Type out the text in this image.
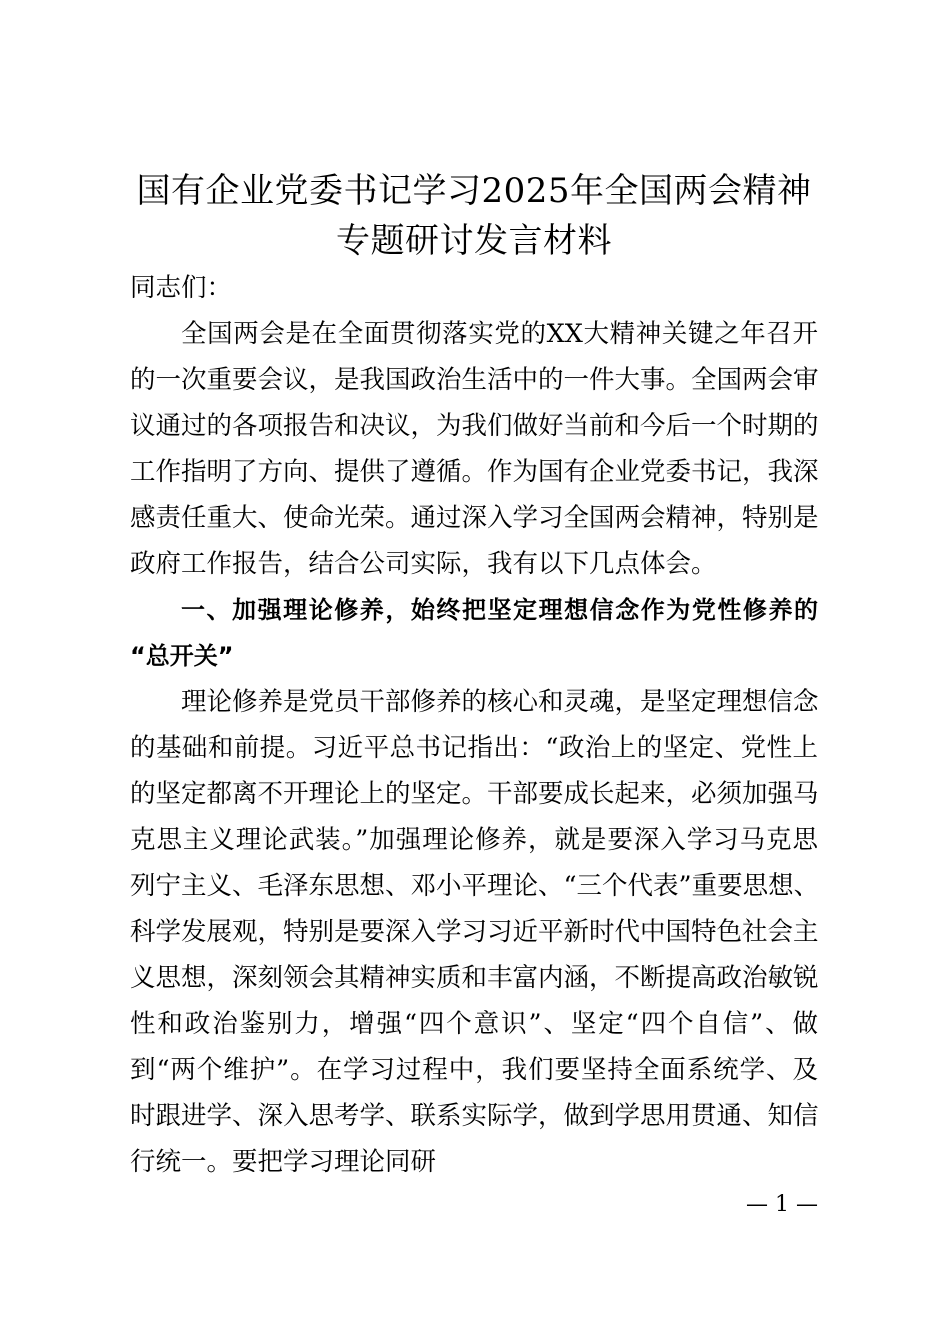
国有企业党委书记学习2025年全国两会精神
专题研讨发言材料
同志们：
全国两会是在全面贯彻落实党的XX大精神关键之年召开
的一次重要会议，是我国政治生活中的一件大事。全国两会审
议通过的各项报告和决议，为我们做好当前和今后一个时期的
工作指明了方向、提供了遵循。作为国有企业党委书记，我深
感责任重大、使命光荣。通过深入学习全国两会精神，特别是
政府工作报告，结合公司实际，我有以下几点体会。
一、加强理论修养，始终把坚定理想信念作为党性修养的
“总开关”
理论修养是党员干部修养的核心和灵魂，是坚定理想信念
的基础和前提。习近平总书记指出：“政治上的坚定、党性上
的坚定都离不开理论上的坚定。干部要成长起来，必须加强马
克思主义理论武装。”加强理论修养，就是要深入学习马克思
列宁主义、毛泽东思想、邓小平理论、“三个代表”重要思想、
科学发展观，特别是要深入学习习近平新时代中国特色社会主
义思想，深刻领会其精神实质和丰富内涵，不断提高政治敏锐
性和政治鉴别力，增强“四个意识”、坚定“四个自信”、做
到“两个维护”。在学习过程中，我们要坚持全面系统学、及
时跟进学、深入思考学、联系实际学，做到学思用贯通、知信
行统一。要把学习理论同研
— 1 —
